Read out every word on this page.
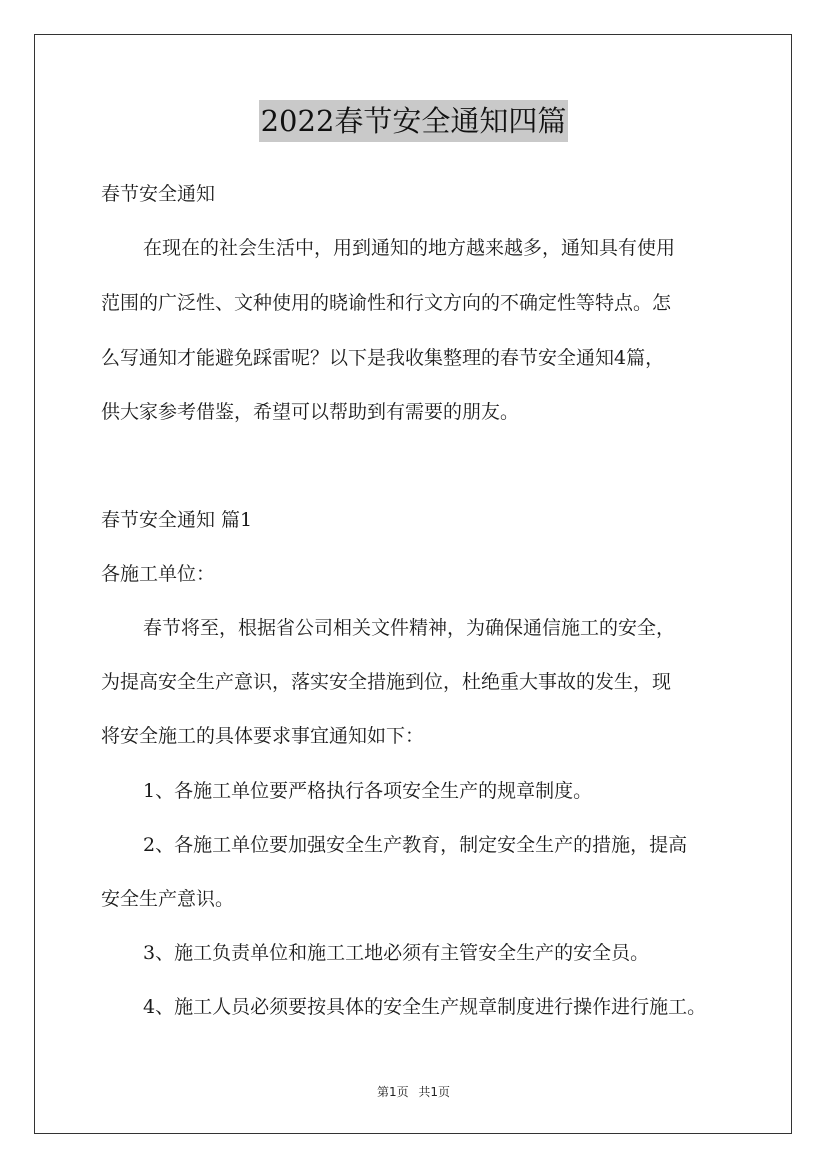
2022春节安全通知四篇
春节安全通知
在现在的社会生活中，用到通知的地方越来越多，通知具有使用
范围的广泛性、文种使用的晓谕性和行文方向的不确定性等特点。怎
么写通知才能避免踩雷呢？以下是我收集整理的春节安全通知4篇，
供大家参考借鉴，希望可以帮助到有需要的朋友。
春节安全通知 篇1
各施工单位：
春节将至，根据省公司相关文件精神，为确保通信施工的安全，
为提高安全生产意识，落实安全措施到位，杜绝重大事故的发生，现
将安全施工的具体要求事宜通知如下：
1、各施工单位要严格执行各项安全生产的规章制度。
2、各施工单位要加强安全生产教育，制定安全生产的措施，提高
安全生产意识。
3、施工负责单位和施工工地必须有主管安全生产的安全员。
4、施工人员必须要按具体的安全生产规章制度进行操作进行施工。
第1页 共1页
